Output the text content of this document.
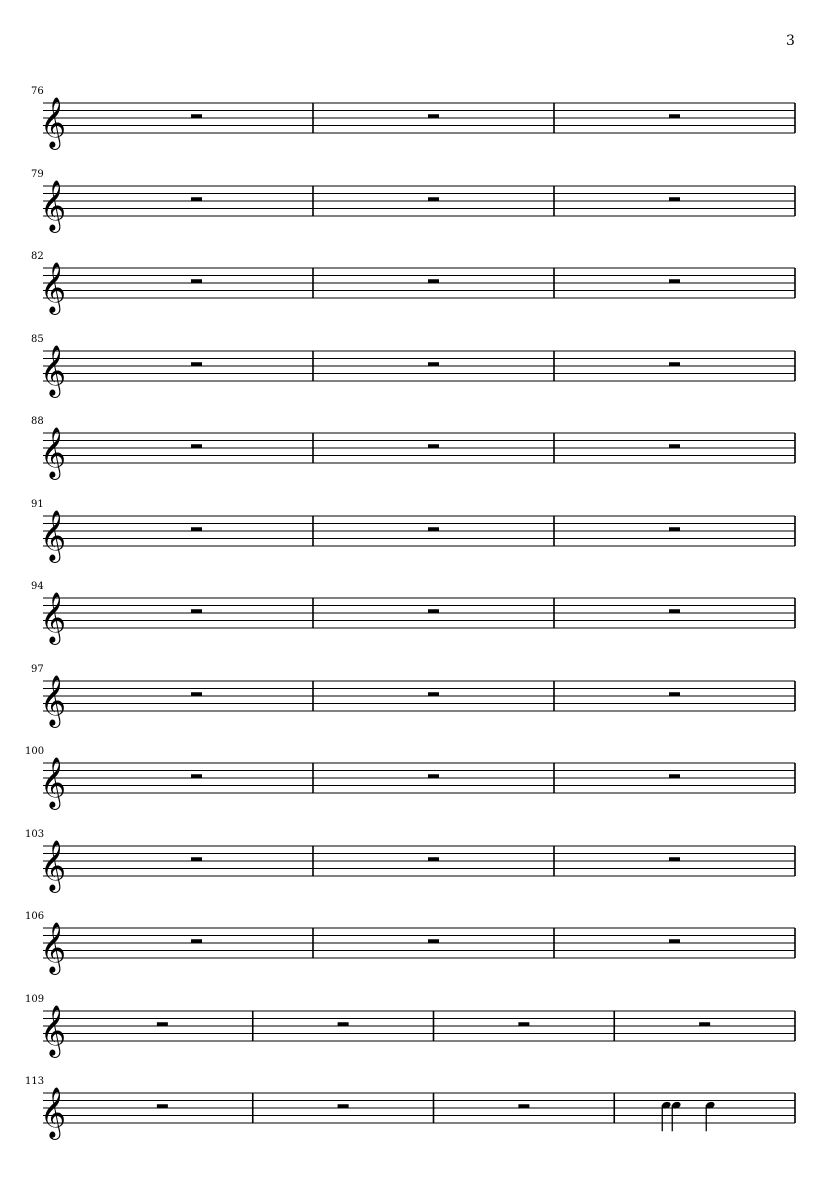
3
76
𝄞
79
𝄞
82
𝄞
85
𝄞
88
𝄞
91
𝄞
94
𝄞
97
𝄞
100
𝄞
103
𝄞
106
𝄞
109
𝄞
113
𝄞
